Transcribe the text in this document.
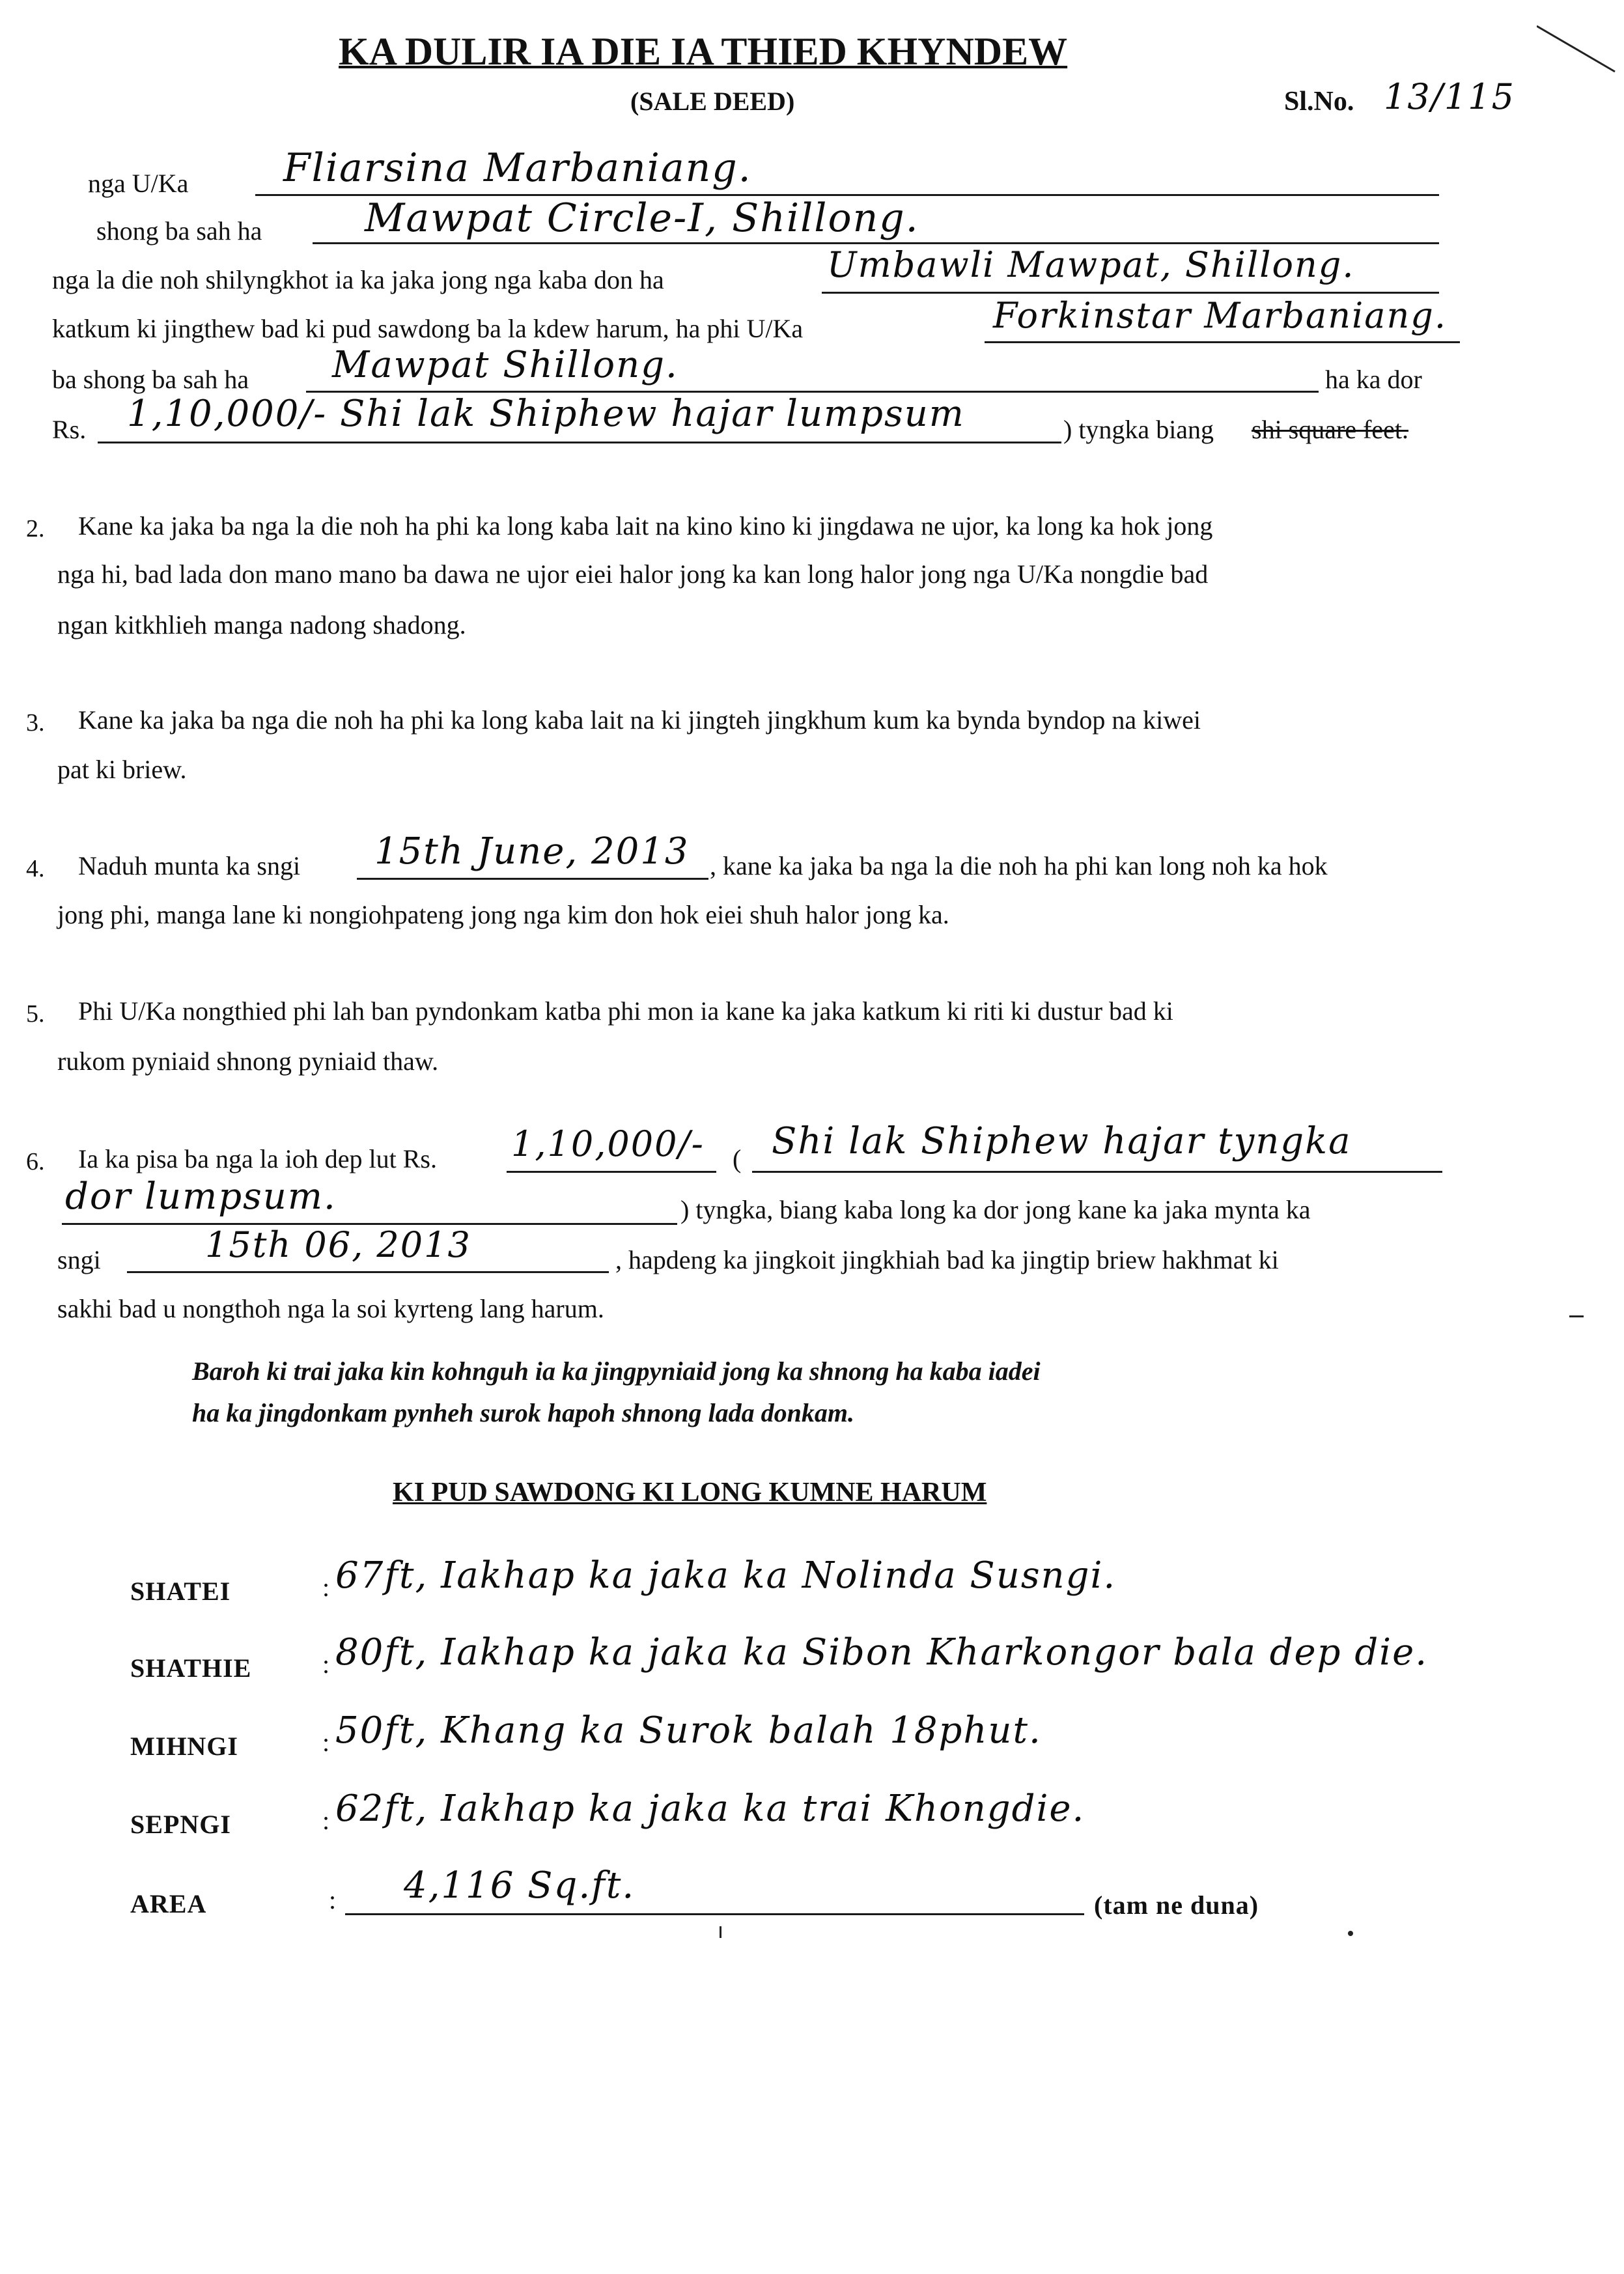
KA DULIR IA DIE IA THIED KHYNDEW
(SALE DEED)	Sl.No. 13/115
nga U/Ka Fliarsina Marbaniang.
shong ba sah ha	Mawpat Circle-I, Shillong.
nga la die noh shilyngkhot ia ka jaka jong nga kaba don ha	Umbawli Mawpat, Shillong.
katkum ki jingthew bad ki pud sawdong ba la kdew harum, ha phi U/Ka	Forkinstar Marbaniang.
ba shong ba sah ha Mawpat Shillong.	ha ka dor
Rs. 1,10,000/- Shi lak Shiphew hajar lumpsum	) tyngka biang shi square feet.
2. Kane ka jaka ba nga la die noh ha phi ka long kaba lait na kino kino ki jingdawa ne ujor, ka long ka hok jong
nga hi, bad lada don mano mano ba dawa ne ujor eiei halor jong ka kan long halor jong nga U/Ka nongdie bad
ngan kitkhlieh manga nadong shadong.
3. Kane ka jaka ba nga die noh ha phi ka long kaba lait na ki jingteh jingkhum kum ka bynda byndop na kiwei
pat ki briew.
4. Naduh munta ka sngi 15th June, 2013 , kane ka jaka ba nga la die noh ha phi kan long noh ka hok
jong phi, manga lane ki nongiohpateng jong nga kim don hok eiei shuh halor jong ka.
5. Phi U/Ka nongthied phi lah ban pyndonkam katba phi mon ia kane ka jaka katkum ki riti ki dustur bad ki
rukom pyniaid shnong pyniaid thaw.
6. Ia ka pisa ba nga la ioh dep lut Rs. 1,10,000/- ( Shi lak Shiphew hajar tyngka
dor lumpsum.	) tyngka, biang kaba long ka dor jong kane ka jaka mynta ka
sngi	15th 06, 2013	, hapdeng ka jingkoit jingkhiah bad ka jingtip briew hakhmat ki
sakhi bad u nongthoh nga la soi kyrteng lang harum.
Baroh ki trai jaka kin kohnguh ia ka jingpyniaid jong ka shnong ha kaba iadei
ha ka jingdonkam pynheh surok hapoh shnong lada donkam.
KI PUD SAWDONG KI LONG KUMNE HARUM
SHATEI	: 67ft, Iakhap ka jaka ka Nolinda Susngi.
SHATHIE	: 80ft, Iakhap ka jaka ka Sibon Kharkongor bala dep die.
MIHNGI	: 50ft, Khang ka Surok balah 18phut.
SEPNGI	: 62ft, Iakhap ka jaka ka trai Khongdie.
AREA	: 4,116 Sq.ft.	(tam ne duna)
